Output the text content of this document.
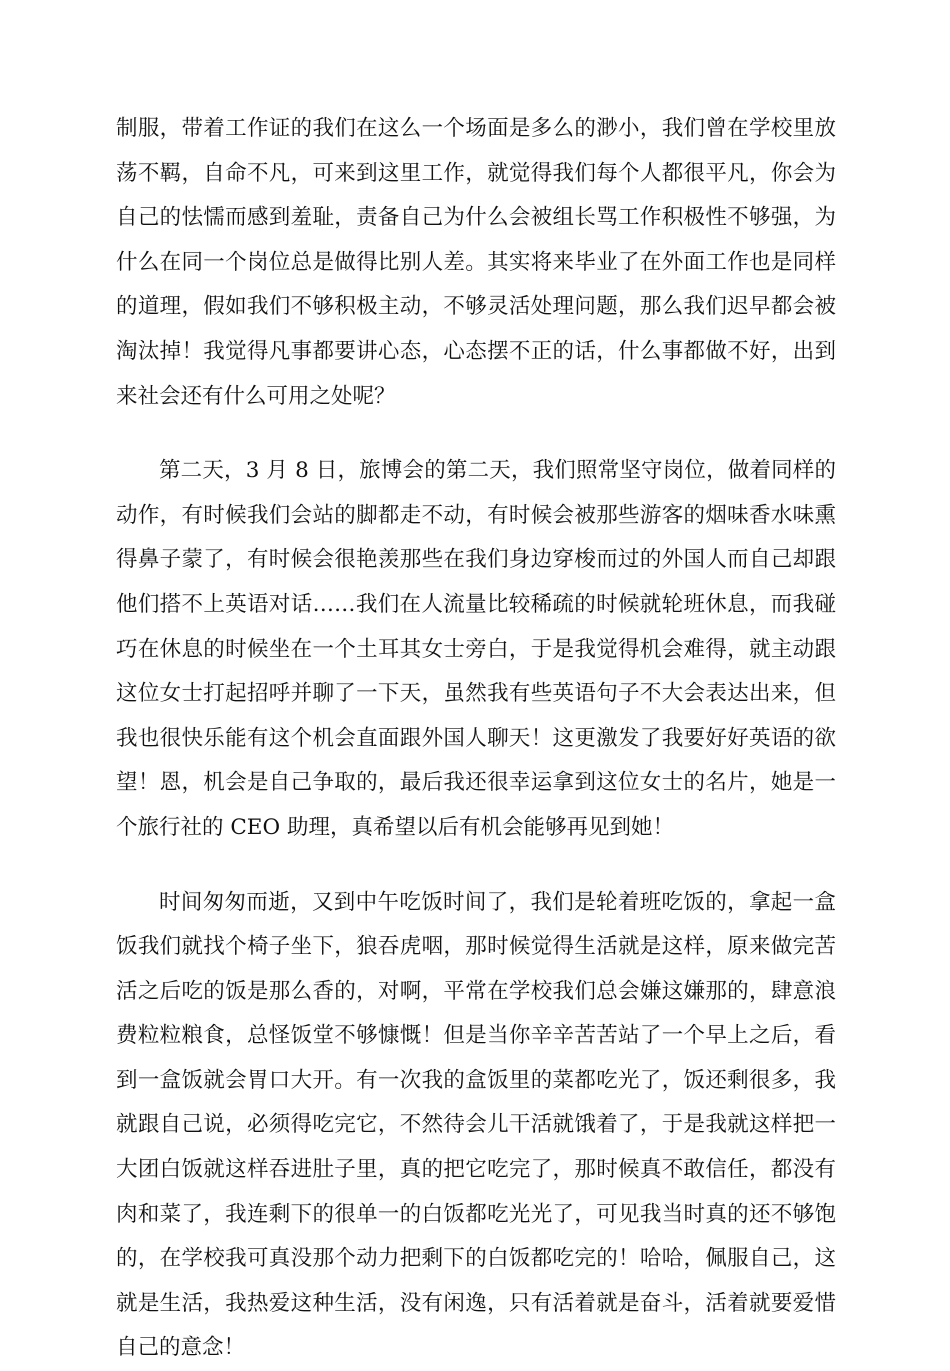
制服，带着工作证的我们在这么一个场面是多么的渺小，我们曾在学校里放荡不羁，自命不凡，可来到这里工作，就觉得我们每个人都很平凡，你会为自己的怯懦而感到羞耻，责备自己为什么会被组长骂工作积极性不够强，为什么在同一个岗位总是做得比别人差。其实将来毕业了在外面工作也是同样的道理，假如我们不够积极主动，不够灵活处理问题，那么我们迟早都会被淘汰掉！我觉得凡事都要讲心态，心态摆不正的话，什么事都做不好，出到来社会还有什么可用之处呢？

第二天，3 月 8 日，旅博会的第二天，我们照常坚守岗位，做着同样的动作，有时候我们会站的脚都走不动，有时候会被那些游客的烟味香水味熏得鼻子蒙了，有时候会很艳羡那些在我们身边穿梭而过的外国人而自己却跟他们搭不上英语对话……我们在人流量比较稀疏的时候就轮班休息，而我碰巧在休息的时候坐在一个土耳其女士旁白，于是我觉得机会难得，就主动跟这位女士打起招呼并聊了一下天，虽然我有些英语句子不大会表达出来，但我也很快乐能有这个机会直面跟外国人聊天！这更激发了我要好好英语的欲望！恩，机会是自己争取的，最后我还很幸运拿到这位女士的名片，她是一个旅行社的 CEO 助理，真希望以后有机会能够再见到她！

时间匆匆而逝，又到中午吃饭时间了，我们是轮着班吃饭的，拿起一盒饭我们就找个椅子坐下，狼吞虎咽，那时候觉得生活就是这样，原来做完苦活之后吃的饭是那么香的，对啊，平常在学校我们总会嫌这嫌那的，肆意浪费粒粒粮食，总怪饭堂不够慷慨！但是当你辛辛苦苦站了一个早上之后，看到一盒饭就会胃口大开。有一次我的盒饭里的菜都吃光了，饭还剩很多，我就跟自己说，必须得吃完它，不然待会儿干活就饿着了，于是我就这样把一大团白饭就这样吞进肚子里，真的把它吃完了，那时候真不敢信任，都没有肉和菜了，我连剩下的很单一的白饭都吃光光了，可见我当时真的还不够饱的，在学校我可真没那个动力把剩下的白饭都吃完的！哈哈，佩服自己，这就是生活，我热爱这种生活，没有闲逸，只有活着就是奋斗，活着就要爱惜自己的意念！
